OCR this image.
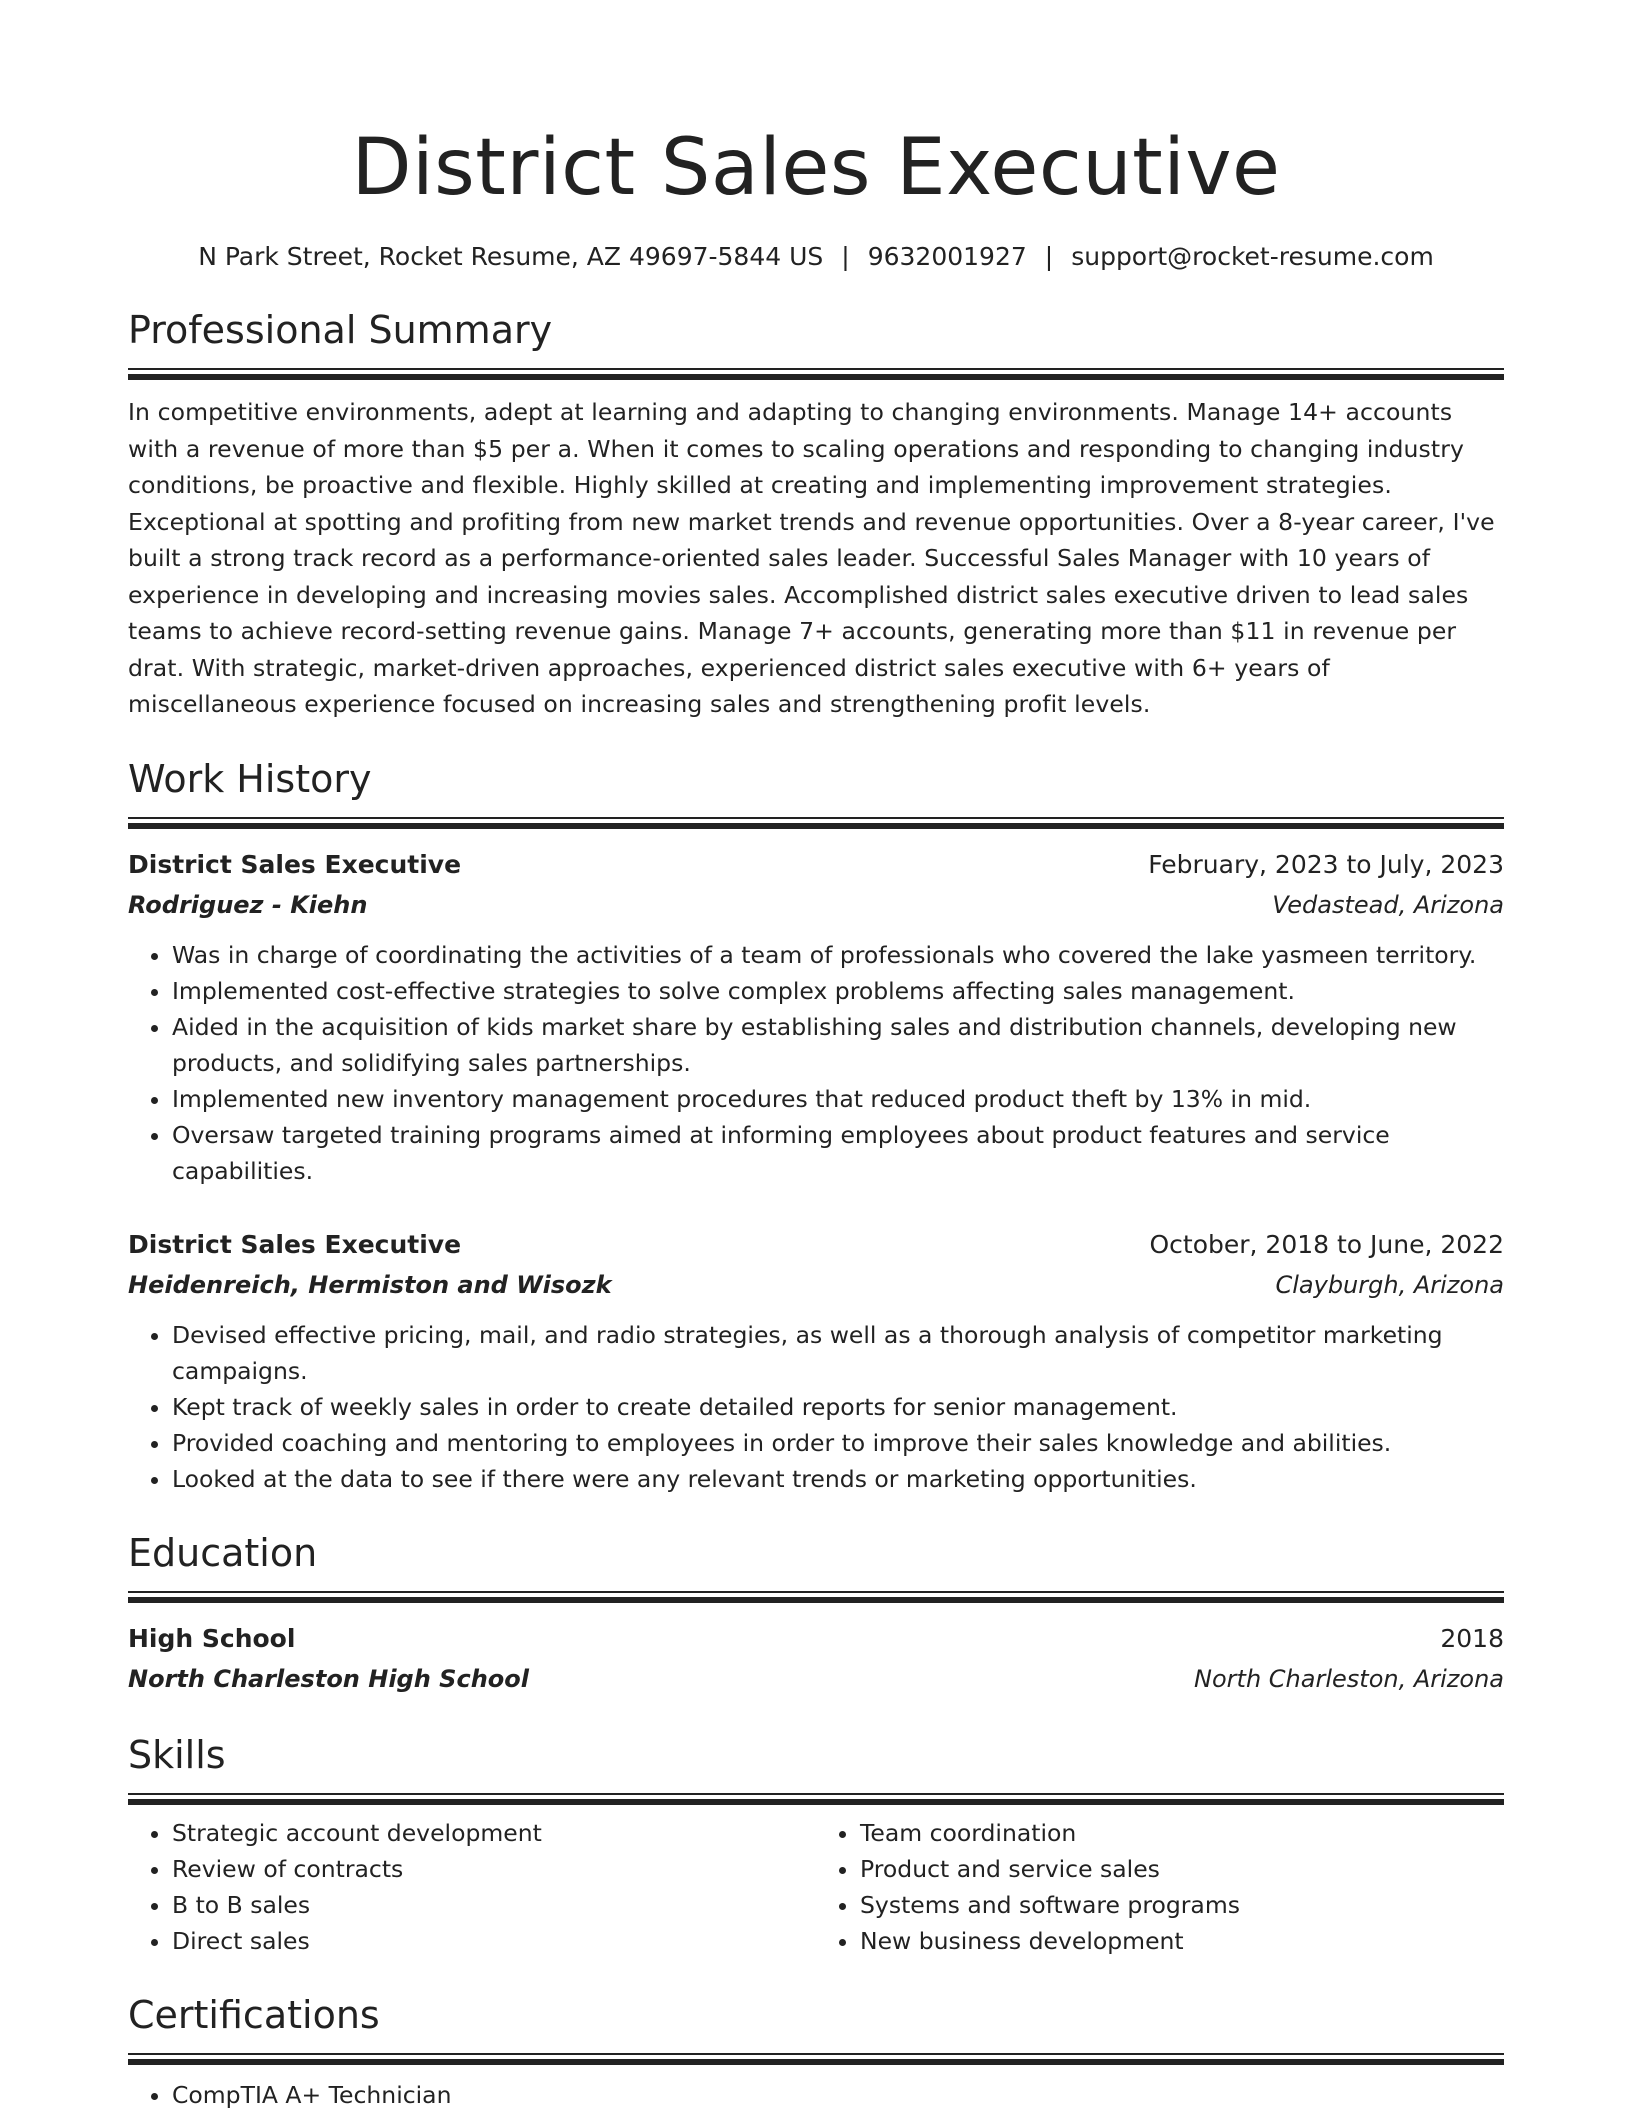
District Sales Executive
N Park Street, Rocket Resume, AZ 49697-5844 US | 9632001927 | support@rocket-resume.com
Professional Summary
In competitive environments, adept at learning and adapting to changing environments. Manage 14+ accounts with a revenue of more than $5 per a. When it comes to scaling operations and responding to changing industry conditions, be proactive and flexible. Highly skilled at creating and implementing improvement strategies. Exceptional at spotting and profiting from new market trends and revenue opportunities. Over a 8-year career, I've built a strong track record as a performance-oriented sales leader. Successful Sales Manager with 10 years of experience in developing and increasing movies sales. Accomplished district sales executive driven to lead sales teams to achieve record-setting revenue gains. Manage 7+ accounts, generating more than $11 in revenue per drat. With strategic, market-driven approaches, experienced district sales executive with 6+ years of miscellaneous experience focused on increasing sales and strengthening profit levels.
Work History
District Sales Executive	February, 2023 to July, 2023
Rodriguez - Kiehn	Vedastead, Arizona
• Was in charge of coordinating the activities of a team of professionals who covered the lake yasmeen territory.
• Implemented cost-effective strategies to solve complex problems affecting sales management.
• Aided in the acquisition of kids market share by establishing sales and distribution channels, developing new products, and solidifying sales partnerships.
• Implemented new inventory management procedures that reduced product theft by 13% in mid.
• Oversaw targeted training programs aimed at informing employees about product features and service capabilities.
District Sales Executive	October, 2018 to June, 2022
Heidenreich, Hermiston and Wisozk	Clayburgh, Arizona
• Devised effective pricing, mail, and radio strategies, as well as a thorough analysis of competitor marketing campaigns.
• Kept track of weekly sales in order to create detailed reports for senior management.
• Provided coaching and mentoring to employees in order to improve their sales knowledge and abilities.
• Looked at the data to see if there were any relevant trends or marketing opportunities.
Education
High School	2018
North Charleston High School	North Charleston, Arizona
Skills
• Strategic account development
• Review of contracts
• B to B sales
• Direct sales
• Team coordination
• Product and service sales
• Systems and software programs
• New business development
Certifications
• CompTIA A+ Technician
